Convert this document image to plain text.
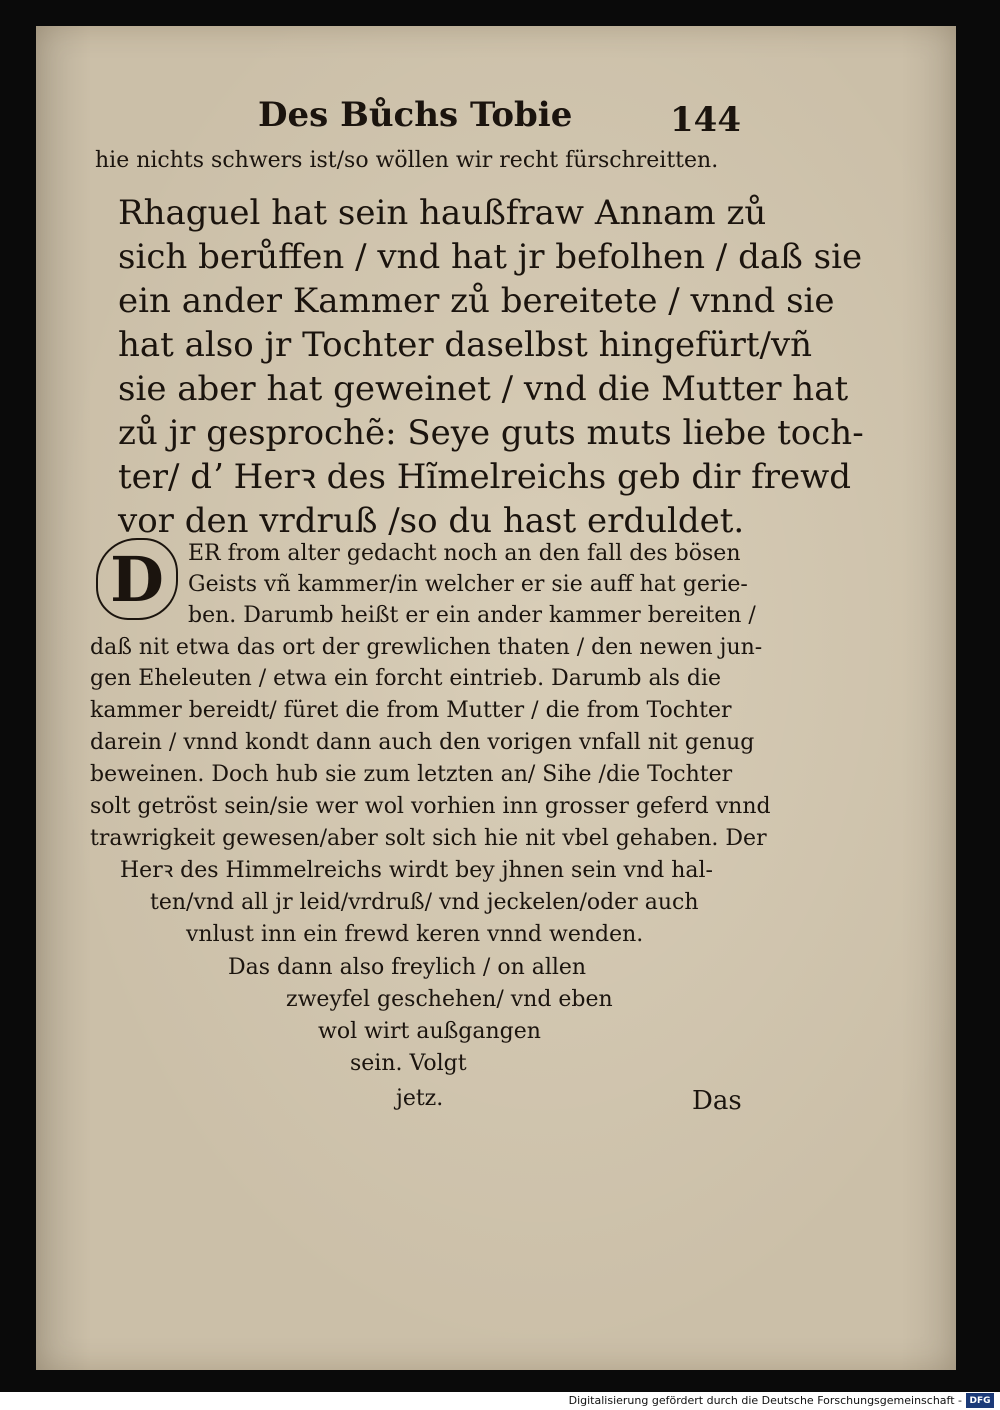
Des Bůchs Tobie	144
hie nichts schwers ist/so wöllen wir recht fürschreitten.
Rhaguel hat sein haußfraw Annam zů
sich berůffen / vnd hat jr befolhen / daß sie
ein ander Kammer zů bereitete / vnnd sie
hat also jr Tochter daselbst hingefürt/vñ
sie aber hat geweinet / vnd die Mutter hat
zů jr gesprochẽ: Seye guts muts liebe toch-
ter/ dʼ Herꝛ des Hĩmelreichs geb dir frewd
vor den vrdruß /so du hast erduldet.
D	ER from alter gedacht noch an den fall des bösen
Geists vñ kammer/in welcher er sie auff hat gerie-
ben. Darumb heißt er ein ander kammer bereiten /
daß nit etwa das ort der grewlichen thaten / den newen jun-
gen Eheleuten / etwa ein forcht eintrieb. Darumb als die
kammer bereidt/ füret die from Mutter / die from Tochter
darein / vnnd kondt dann auch den vorigen vnfall nit genug
beweinen. Doch hub sie zum letzten an/ Sihe /die Tochter
solt getröst sein/sie wer wol vorhien inn grosser geferd vnnd
trawrigkeit gewesen/aber solt sich hie nit vbel gehaben. Der
Herꝛ des Himmelreichs wirdt bey jhnen sein vnd hal-
ten/vnd all jr leid/vrdruß/ vnd jeckelen/oder auch
vnlust inn ein frewd keren vnnd wenden.
Das dann also freylich / on allen
zweyfel geschehen/ vnd eben
wol wirt außgangen
sein. Volgt
jetz.	Das
Digitalisierung gefördert durch die Deutsche Forschungsgemeinschaft - DFG
